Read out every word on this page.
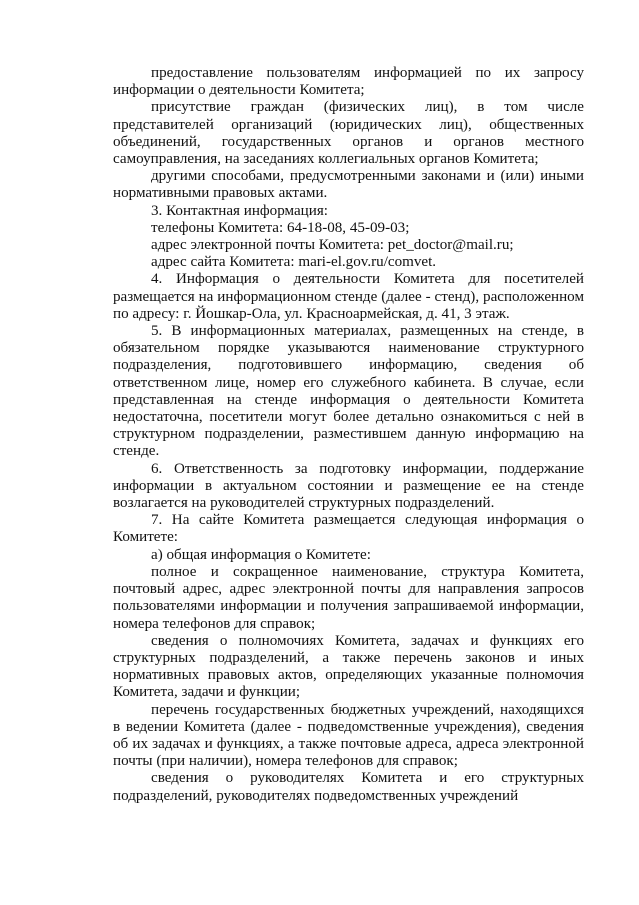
предоставление пользователям информацией по их запросу информации о деятельности Комитета;

присутствие граждан (физических лиц), в том числе представителей организаций (юридических лиц), общественных объединений, государственных органов и органов местного самоуправления, на заседаниях коллегиальных органов Комитета;

другими способами, предусмотренными законами и (или) иными нормативными правовых актами.

3. Контактная информация:

телефоны Комитета: 64-18-08, 45-09-03;

адрес электронной почты Комитета: pet_doctor@mail.ru;

адрес сайта Комитета: mari-el.gov.ru/comvet.

4. Информация о деятельности Комитета для посетителей размещается на информационном стенде (далее - стенд), расположенном по адресу: г. Йошкар-Ола, ул. Красноармейская, д. 41, 3 этаж.

5. В информационных материалах, размещенных на стенде, в обязательном порядке указываются наименование структурного подразделения, подготовившего информацию, сведения об ответственном лице, номер его служебного кабинета. В случае, если представленная на стенде информация о деятельности Комитета недостаточна, посетители могут более детально ознакомиться с ней в структурном подразделении, разместившем данную информацию на стенде.

6. Ответственность за подготовку информации, поддержание информации в актуальном состоянии и размещение ее на стенде возлагается на руководителей структурных подразделений.

7. На сайте Комитета размещается следующая информация о Комитете:

а) общая информация о Комитете:

полное и сокращенное наименование, структура Комитета, почтовый адрес, адрес электронной почты для направления запросов пользователями информации и получения запрашиваемой информации, номера телефонов для справок;

сведения о полномочиях Комитета, задачах и функциях его структурных подразделений, а также перечень законов и иных нормативных правовых актов, определяющих указанные полномочия Комитета, задачи и функции;

перечень государственных бюджетных учреждений, находящихся в ведении Комитета (далее - подведомственные учреждения), сведения об их задачах и функциях, а также почтовые адреса, адреса электронной почты (при наличии), номера телефонов для справок;

сведения о руководителях Комитета и его структурных подразделений, руководителях подведомственных учреждений
